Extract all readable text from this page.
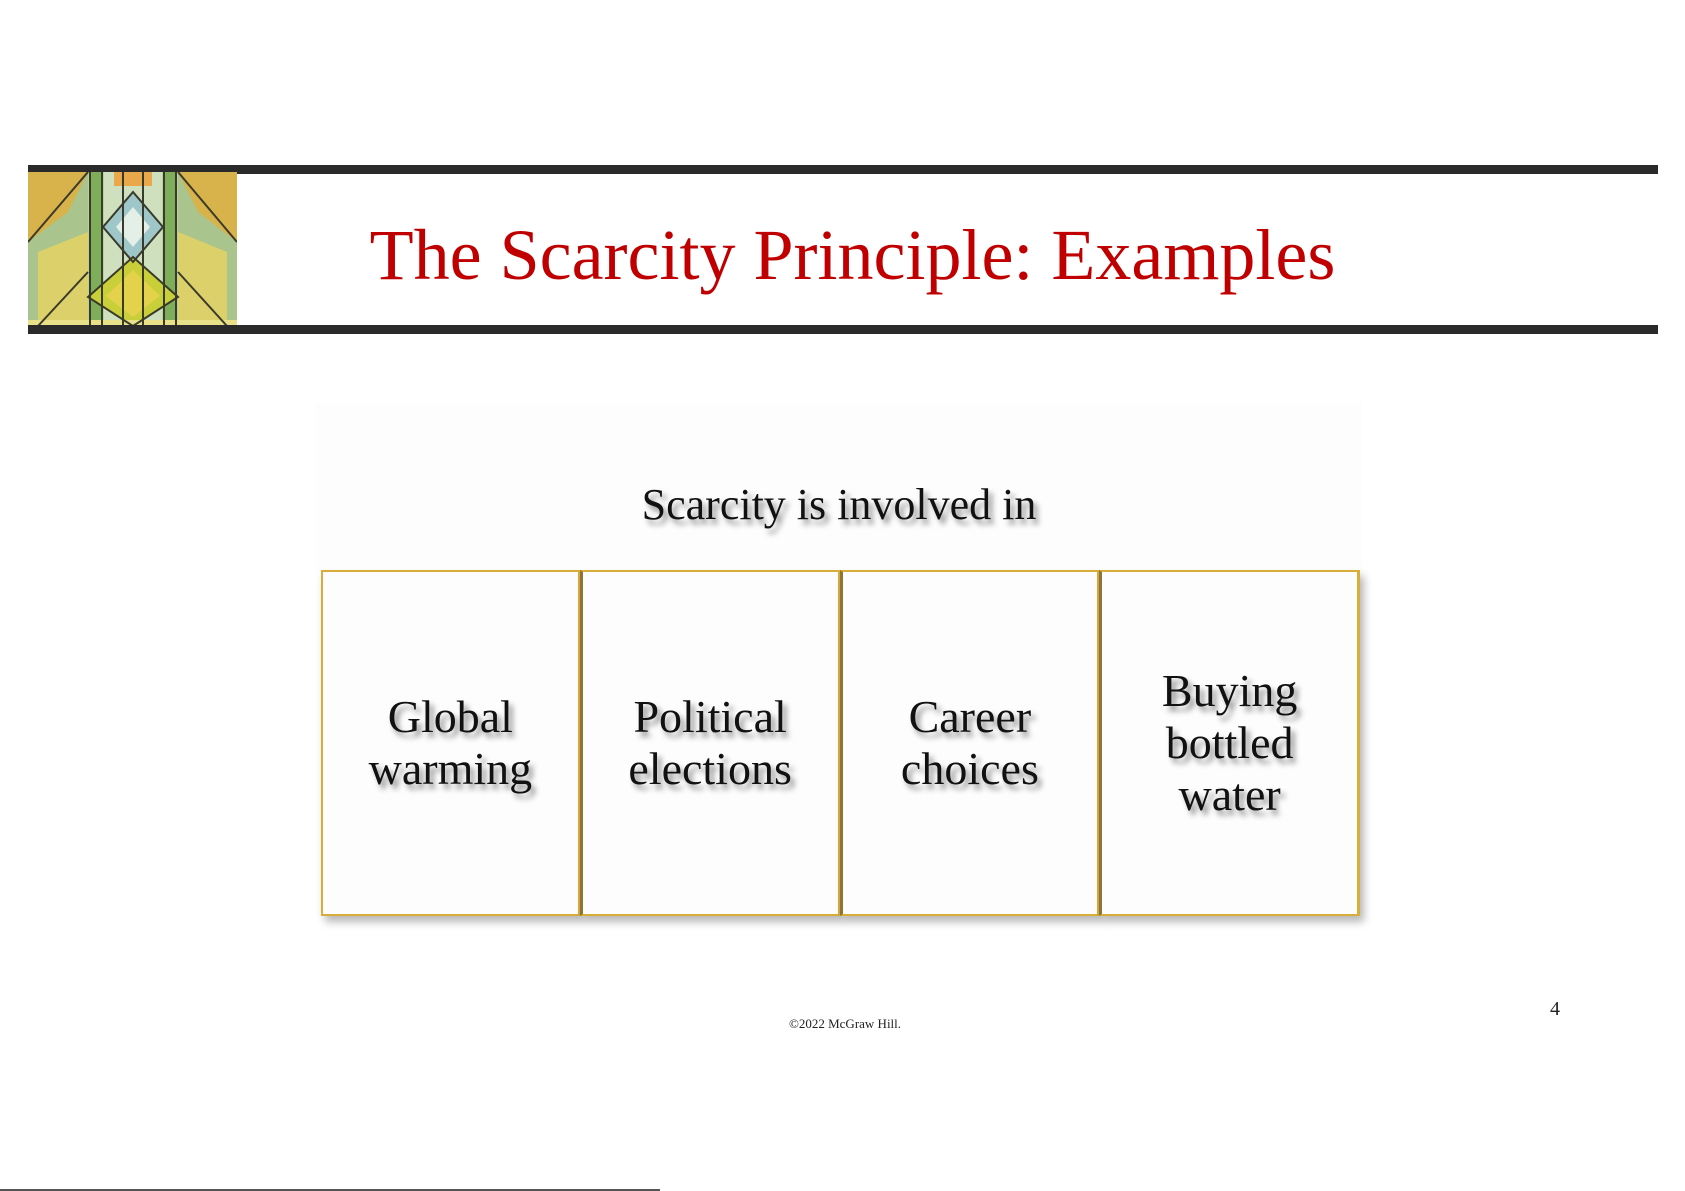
The Scarcity Principle: Examples
Scarcity is involved in
Global warming
Political elections
Career choices
Buying bottled water
4
©2022 McGraw Hill.
